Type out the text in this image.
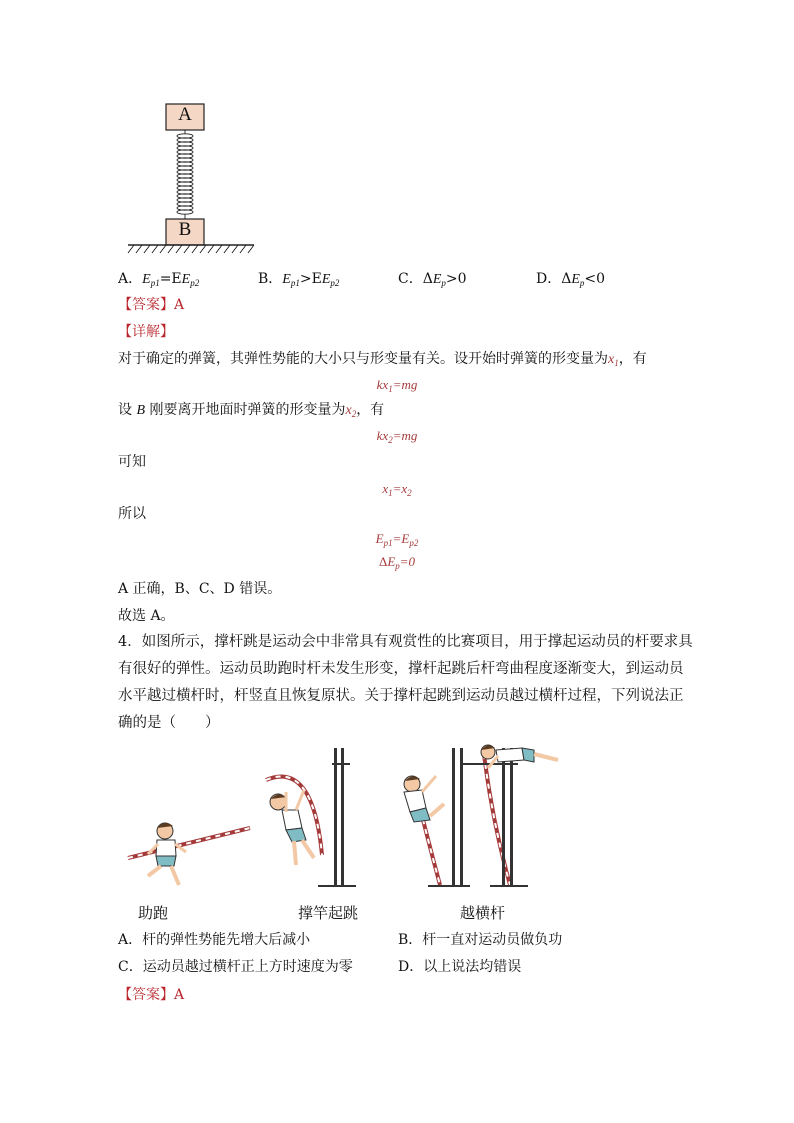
A
B
A．$E_{p1}=EE_{p2}$	B．$E_{p1}>EE_{p2}$	C．$\Delta E_p>0$	D．$\Delta E_p<0$
【答案】A
【详解】
对于确定的弹簧，其弹性势能的大小只与形变量有关。设开始时弹簧的形变量为$x_1$，有
$kx_1=mg$
设 B 刚要离开地面时弹簧的形变量为$x_2$，有
$kx_2=mg$
可知
$x_1=x_2$
所以
$E_{p1}=E_{p2}$
$\Delta E_p=0$
A 正确，B、C、D 错误。
故选 A。
4．如图所示，撑杆跳是运动会中非常具有观赏性的比赛项目，用于撑起运动员的杆要求具
有很好的弹性。运动员助跑时杆未发生形变，撑杆起跳后杆弯曲程度逐渐变大，到运动员
水平越过横杆时，杆竖直且恢复原状。关于撑杆起跳到运动员越过横杆过程，下列说法正
确的是（　　）
助跑	撑竿起跳	越横杆
A．杆的弹性势能先增大后减小	B．杆一直对运动员做负功
C．运动员越过横杆正上方时速度为零	D．以上说法均错误
【答案】A
